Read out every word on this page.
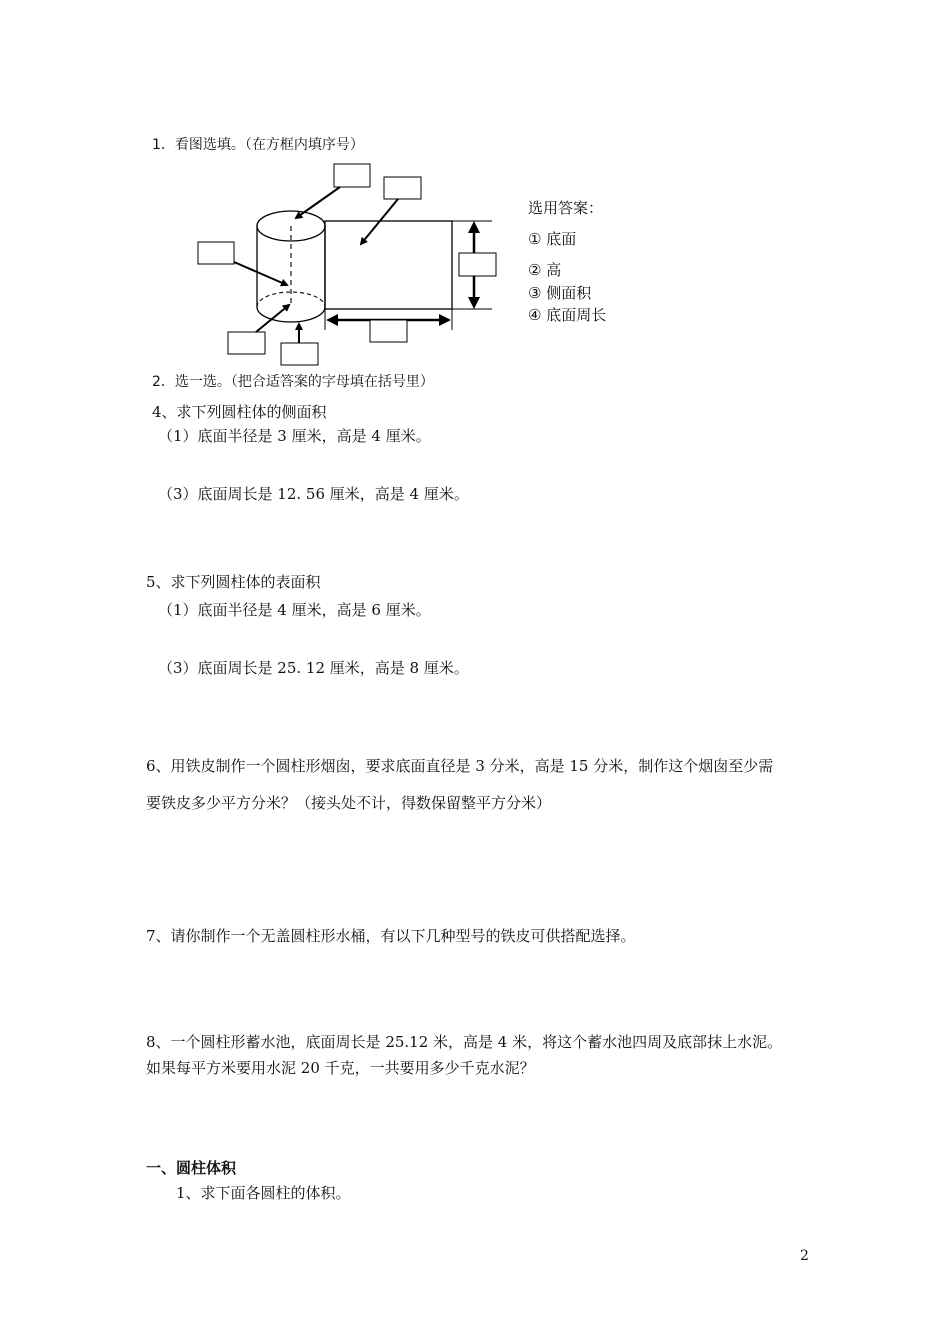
1．看图选填。（在方框内填序号）
选用答案：
① 底面
② 高
③ 侧面积
④ 底面周长
2．选一选。（把合适答案的字母填在括号里）
4、求下列圆柱体的侧面积
（1）底面半径是 3 厘米，高是 4 厘米。
（3）底面周长是 12. 56 厘米，高是 4 厘米。
5、求下列圆柱体的表面积
（1）底面半径是 4 厘米，高是 6 厘米。
（3）底面周长是 25. 12 厘米，高是 8 厘米。
6、用铁皮制作一个圆柱形烟囱，要求底面直径是 3 分米，高是 15 分米，制作这个烟囱至少需
要铁皮多少平方分米？（接头处不计，得数保留整平方分米）
7、请你制作一个无盖圆柱形水桶，有以下几种型号的铁皮可供搭配选择。
8、一个圆柱形蓄水池，底面周长是 25.12 米，高是 4 米，将这个蓄水池四周及底部抹上水泥。
如果每平方米要用水泥 20 千克，一共要用多少千克水泥？
一、圆柱体积
1、求下面各圆柱的体积。
2
